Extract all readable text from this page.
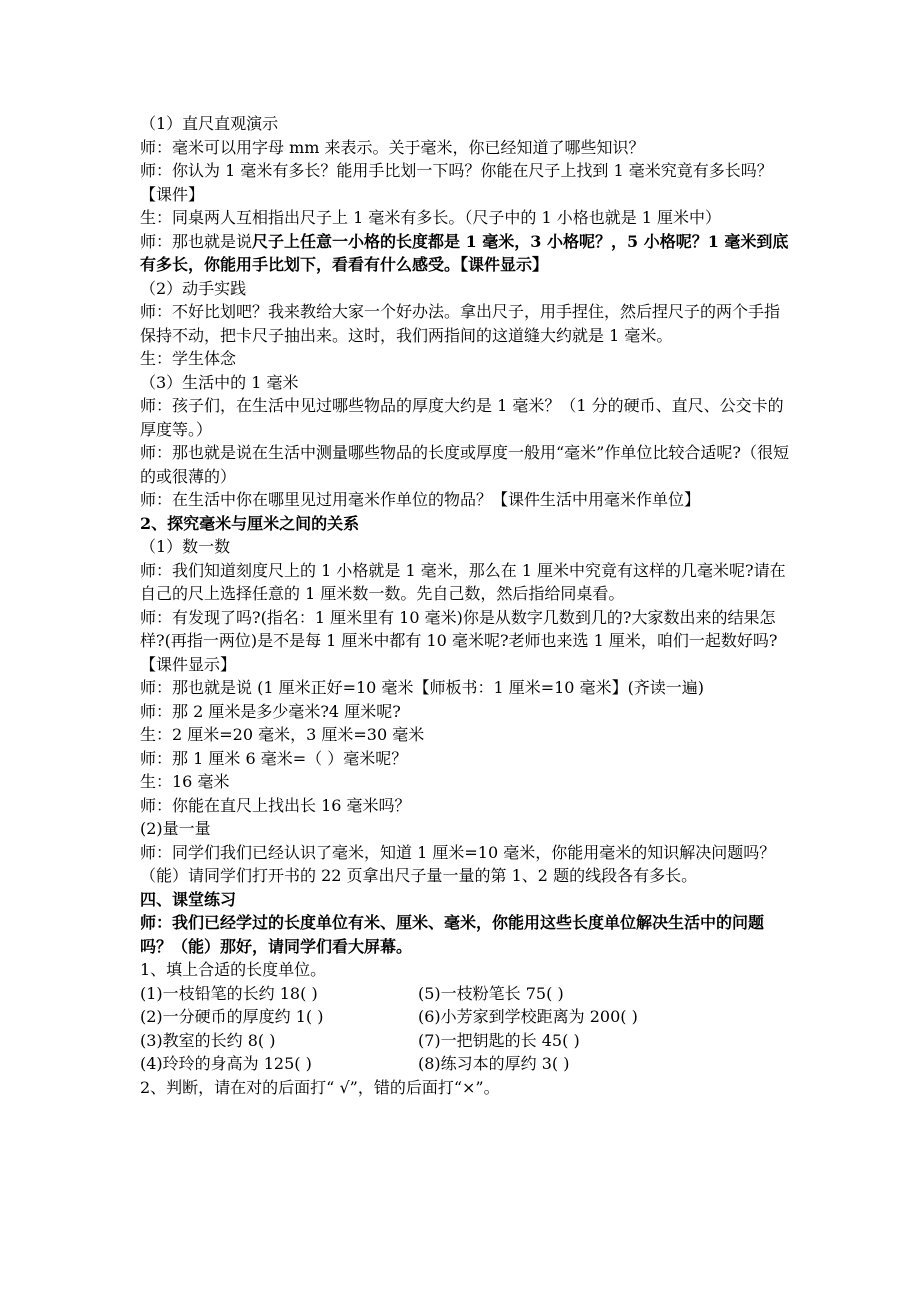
（1）直尺直观演示

师：毫米可以用字母 mm 来表示。关于毫米，你已经知道了哪些知识？

师：你认为 1 毫米有多长？能用手比划一下吗？你能在尺子上找到 1 毫米究竟有多长吗？【课件】

生：同桌两人互相指出尺子上 1 毫米有多长。（尺子中的 1 小格也就是 1 厘米中）

师：那也就是说尺子上任意一小格的长度都是 1 毫米，3 小格呢？，5 小格呢？1 毫米到底有多长，你能用手比划下，看看有什么感受。【课件显示】

（2）动手实践

师：不好比划吧？我来教给大家一个好办法。拿出尺子，用手捏住，然后捏尺子的两个手指保持不动，把卡尺子抽出来。这时，我们两指间的这道缝大约就是 1 毫米。

生：学生体念

（3）生活中的 1 毫米

师：孩子们，在生活中见过哪些物品的厚度大约是 1 毫米？（1 分的硬币、直尺、公交卡的厚度等。）

师：那也就是说在生活中测量哪些物品的长度或厚度一般用“毫米”作单位比较合适呢?（很短的或很薄的）

师：在生活中你在哪里见过用毫米作单位的物品？【课件生活中用毫米作单位】

2、探究毫米与厘米之间的关系

（1）数一数

师：我们知道刻度尺上的 1 小格就是 1 毫米，那么在 1 厘米中究竟有这样的几毫米呢?请在自己的尺上选择任意的 1 厘米数一数。先自己数，然后指给同桌看。

师：有发现了吗?(指名：1 厘米里有 10 毫米)你是从数字几数到几的?大家数出来的结果怎样?(再指一两位)是不是每 1 厘米中都有 10 毫米呢?老师也来选 1 厘米，咱们一起数好吗?【课件显示】

师：那也就是说 (1 厘米正好=10 毫米【师板书：1 厘米=10 毫米】(齐读一遍)

师：那 2 厘米是多少毫米?4 厘米呢?

生：2 厘米=20 毫米，3 厘米=30 毫米

师：那 1 厘米 6 毫米=（ ）毫米呢？

生：16 毫米

师：你能在直尺上找出长 16 毫米吗？

(2)量一量

师：同学们我们已经认识了毫米，知道 1 厘米=10 毫米，你能用毫米的知识解决问题吗？（能）请同学们打开书的 22 页拿出尺子量一量的第 1、2 题的线段各有多长。

四、课堂练习

师：我们已经学过的长度单位有米、厘米、毫米，你能用这些长度单位解决生活中的问题吗？（能）那好，请同学们看大屏幕。

1、填上合适的长度单位。

(1)一枝铅笔的长约 18( )	(5)一枝粉笔长 75( )
(2)一分硬币的厚度约 1( )	(6)小芳家到学校距离为 200( )
(3)教室的长约 8( )	(7)一把钥匙的长 45( )
(4)玲玲的身高为 125( )	(8)练习本的厚约 3( )

2、判断，请在对的后面打“ √”，错的后面打“×”。
